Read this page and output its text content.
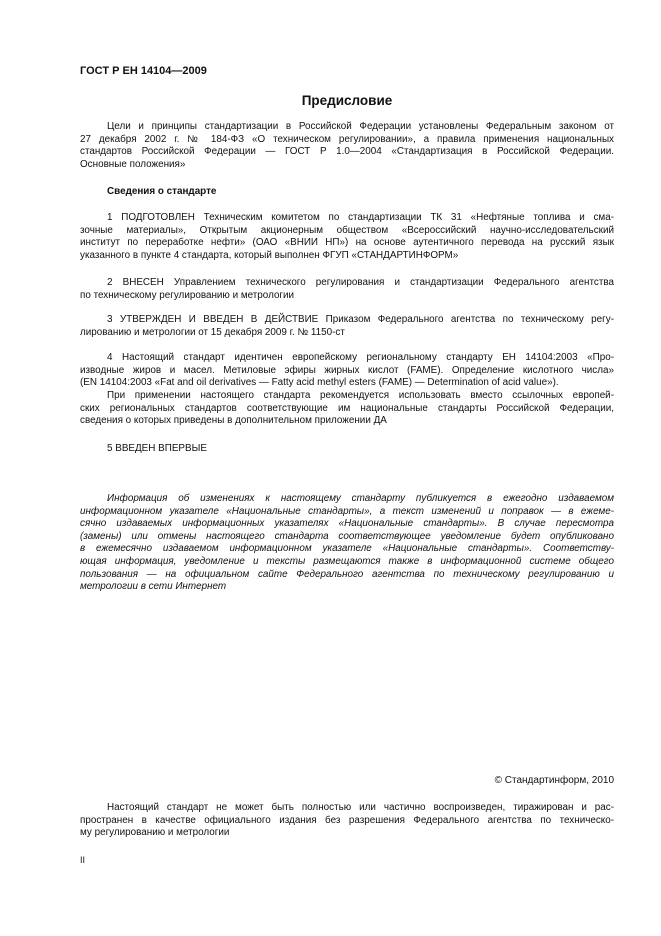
ГОСТ Р ЕН 14104—2009
Предисловие
Цели и принципы стандартизации в Российской Федерации установлены Федеральным законом от
27 декабря 2002 г. № 184-ФЗ «О техническом регулировании», а правила применения национальных
стандартов Российской Федерации — ГОСТ Р 1.0—2004 «Стандартизация в Российской Федерации.
Основные положения»
Сведения о стандарте
1 ПОДГОТОВЛЕН Техническим комитетом по стандартизации ТК 31 «Нефтяные топлива и сма-
зочные материалы», Открытым акционерным обществом «Всероссийский научно-исследовательский
институт по переработке нефти» (ОАО «ВНИИ НП») на основе аутентичного перевода на русский язык
указанного в пункте 4 стандарта, который выполнен ФГУП «СТАНДАРТИНФОРМ»
2 ВНЕСЕН Управлением технического регулирования и стандартизации Федерального агентства
по техническому регулированию и метрологии
3 УТВЕРЖДЕН И ВВЕДЕН В ДЕЙСТВИЕ Приказом Федерального агентства по техническому регу-
лированию и метрологии от 15 декабря 2009 г. № 1150-ст
4 Настоящий стандарт идентичен европейскому региональному стандарту ЕН 14104:2003 «Про-
изводные жиров и масел. Метиловые эфиры жирных кислот (FAME). Определение кислотного числа»
(EN 14104:2003 «Fat and oil derivatives — Fatty acid methyl esters (FAME) — Determination of acid value»).
При применении настоящего стандарта рекомендуется использовать вместо ссылочных европей-
ских региональных стандартов соответствующие им национальные стандарты Российской Федерации,
сведения о которых приведены в дополнительном приложении ДА
5 ВВЕДЕН ВПЕРВЫЕ
Информация об изменениях к настоящему стандарту публикуется в ежегодно издаваемом
информационном указателе «Национальные стандарты», а текст изменений и поправок — в ежеме-
сячно издаваемых информационных указателях «Национальные стандарты». В случае пересмотра
(замены) или отмены настоящего стандарта соответствующее уведомление будет опубликовано
в ежемесячно издаваемом информационном указателе «Национальные стандарты». Соответству-
ющая информация, уведомление и тексты размещаются также в информационной системе общего
пользования — на официальном сайте Федерального агентства по техническому регулированию и
метрологии в сети Интернет
© Стандартинформ, 2010
Настоящий стандарт не может быть полностью или частично воспроизведен, тиражирован и рас-
пространен в качестве официального издания без разрешения Федерального агентства по техническо-
му регулированию и метрологии
II
